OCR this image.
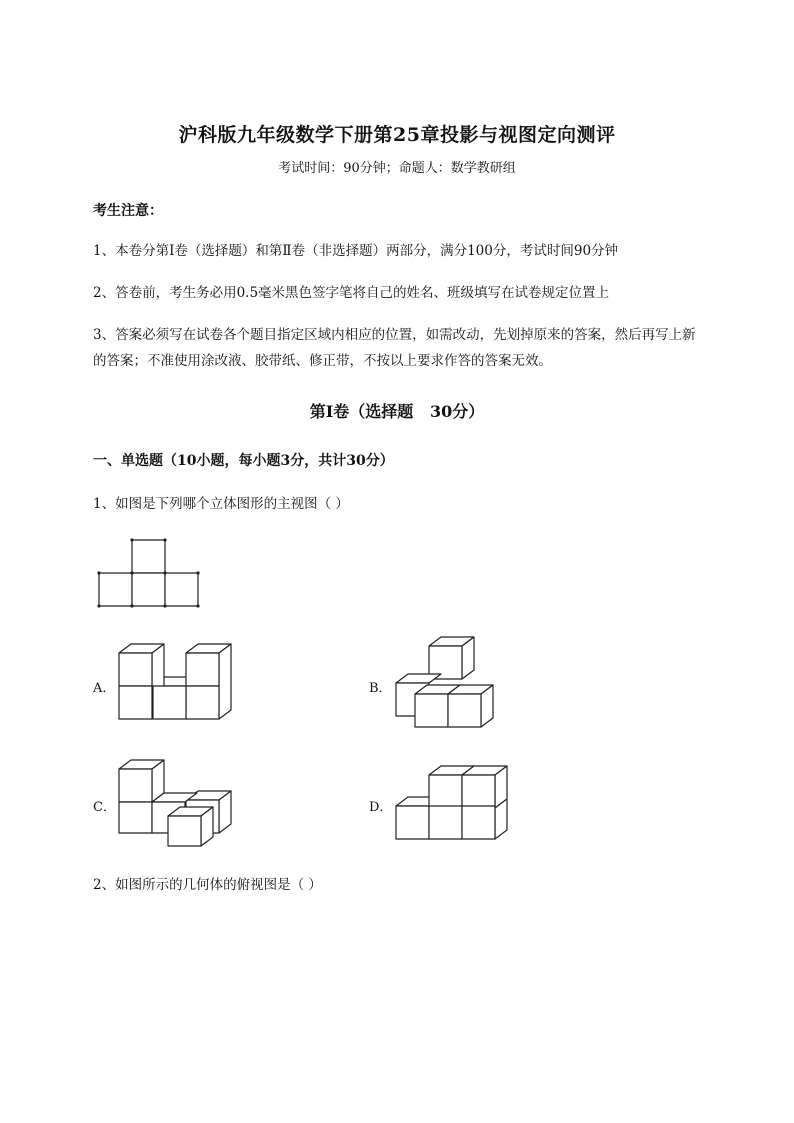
沪科版九年级数学下册第25章投影与视图定向测评
考试时间：90分钟；命题人：数学教研组
考生注意：
1、本卷分第I卷（选择题）和第Ⅱ卷（非选择题）两部分，满分100分，考试时间90分钟
2、答卷前，考生务必用0.5毫米黑色签字笔将自己的姓名、班级填写在试卷规定位置上
3、答案必须写在试卷各个题目指定区域内相应的位置，如需改动，先划掉原来的答案，然后再写上新的答案；不准使用涂改液、胶带纸、修正带，不按以上要求作答的答案无效。
第I卷（选择题   30分）
一、单选题（10小题，每小题3分，共计30分）
1、如图是下列哪个立体图形的主视图（ ）
A．	B．
C．	D．
2、如图所示的几何体的俯视图是（ ）
